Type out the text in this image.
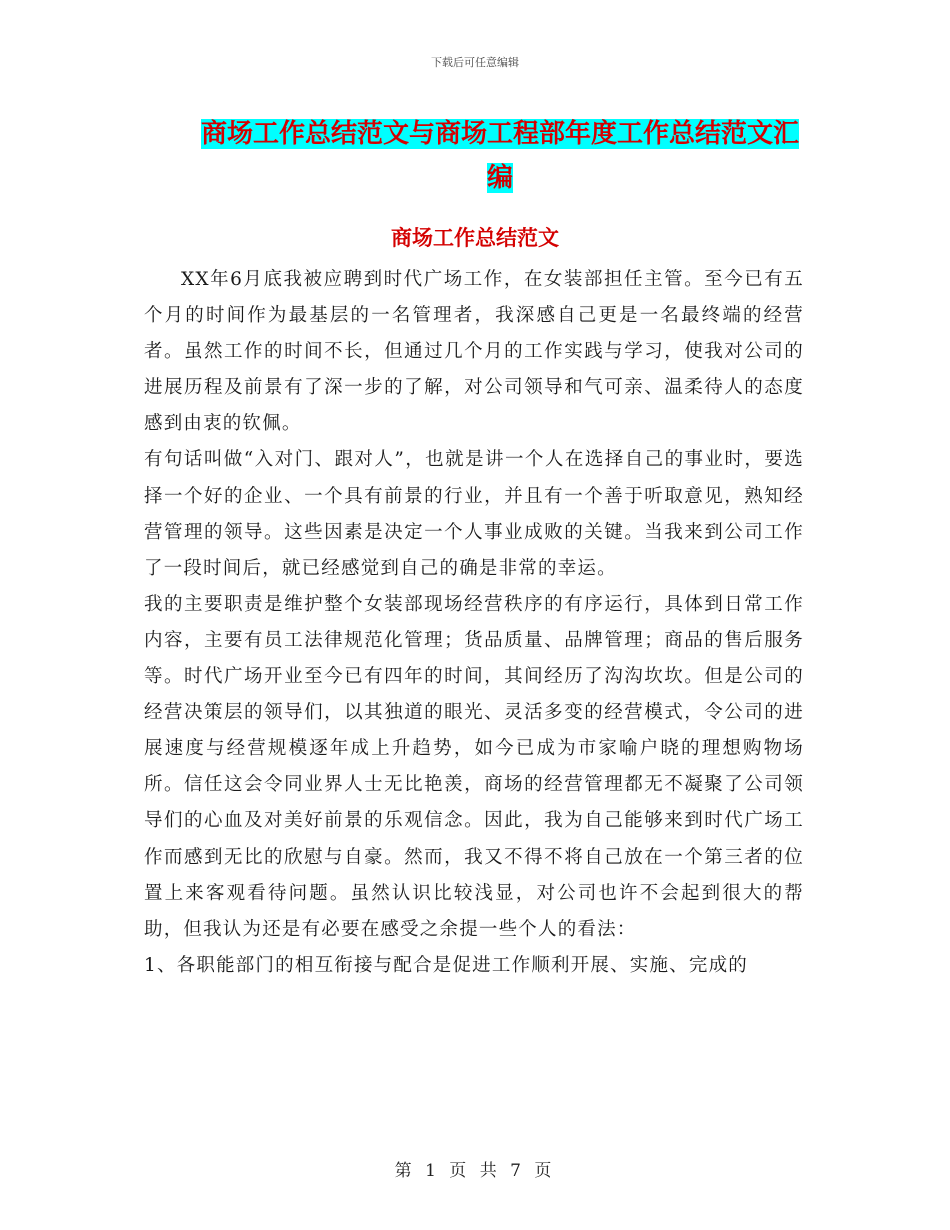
下载后可任意编辑
商场工作总结范文与商场工程部年度工作总结范文汇编
商场工作总结范文

XX年6月底我被应聘到时代广场工作，在女装部担任主管。至今已有五个月的时间作为最基层的一名管理者，我深感自己更是一名最终端的经营者。虽然工作的时间不长，但通过几个月的工作实践与学习，使我对公司的进展历程及前景有了深一步的了解，对公司领导和气可亲、温柔待人的态度感到由衷的钦佩。

有句话叫做“入对门、跟对人”，也就是讲一个人在选择自己的事业时，要选择一个好的企业、一个具有前景的行业，并且有一个善于听取意见，熟知经营管理的领导。这些因素是决定一个人事业成败的关键。当我来到公司工作了一段时间后，就已经感觉到自己的确是非常的幸运。

我的主要职责是维护整个女装部现场经营秩序的有序运行，具体到日常工作内容，主要有员工法律规范化管理；货品质量、品牌管理；商品的售后服务等。时代广场开业至今已有四年的时间，其间经历了沟沟坎坎。但是公司的经营决策层的领导们，以其独道的眼光、灵活多变的经营模式，令公司的进展速度与经营规模逐年成上升趋势，如今已成为市家喻户晓的理想购物场所。信任这会令同业界人士无比艳羡，商场的经营管理都无不凝聚了公司领导们的心血及对美好前景的乐观信念。因此，我为自己能够来到时代广场工作而感到无比的欣慰与自豪。然而，我又不得不将自己放在一个第三者的位置上来客观看待问题。虽然认识比较浅显，对公司也许不会起到很大的帮助，但我认为还是有必要在感受之余提一些个人的看法：

1、各职能部门的相互衔接与配合是促进工作顺利开展、实施、完成的

第 1 页 共 7 页
